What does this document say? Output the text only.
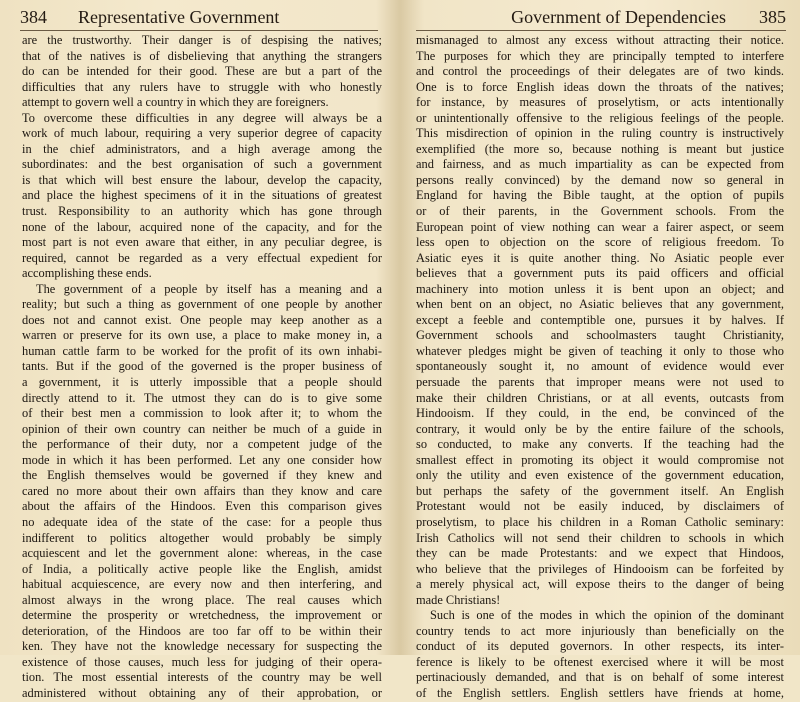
384 Representative Government
are the trustworthy. Their danger is of despising the natives;
that of the natives is of disbelieving that anything the strangers
do can be intended for their good. These are but a part of the
difficulties that any rulers have to struggle with who honestly
attempt to govern well a country in which they are foreigners.
To overcome these difficulties in any degree will always be a
work of much labour, requiring a very superior degree of capacity
in the chief administrators, and a high average among the
subordinates: and the best organisation of such a government
is that which will best ensure the labour, develop the capacity,
and place the highest specimens of it in the situations of greatest
trust. Responsibility to an authority which has gone through
none of the labour, acquired none of the capacity, and for the
most part is not even aware that either, in any peculiar degree, is
required, cannot be regarded as a very effectual expedient for
accomplishing these ends.
The government of a people by itself has a meaning and a
reality; but such a thing as government of one people by another
does not and cannot exist. One people may keep another as a
warren or preserve for its own use, a place to make money in, a
human cattle farm to be worked for the profit of its own inhabi-
tants. But if the good of the governed is the proper business of
a government, it is utterly impossible that a people should
directly attend to it. The utmost they can do is to give some
of their best men a commission to look after it; to whom the
opinion of their own country can neither be much of a guide in
the performance of their duty, nor a competent judge of the
mode in which it has been performed. Let any one consider how
the English themselves would be governed if they knew and
cared no more about their own affairs than they know and care
about the affairs of the Hindoos. Even this comparison gives
no adequate idea of the state of the case: for a people thus
indifferent to politics altogether would probably be simply
acquiescent and let the government alone: whereas, in the case
of India, a politically active people like the English, amidst
habitual acquiescence, are every now and then interfering, and
almost always in the wrong place. The real causes which
determine the prosperity or wretchedness, the improvement or
deterioration, of the Hindoos are too far off to be within their
ken. They have not the knowledge necessary for suspecting the
existence of those causes, much less for judging of their opera-
tion. The most essential interests of the country may be well
administered without obtaining any of their approbation, or
Government of Dependencies 385
mismanaged to almost any excess without attracting their notice.
The purposes for which they are principally tempted to interfere
and control the proceedings of their delegates are of two kinds.
One is to force English ideas down the throats of the natives;
for instance, by measures of proselytism, or acts intentionally
or unintentionally offensive to the religious feelings of the people.
This misdirection of opinion in the ruling country is instructively
exemplified (the more so, because nothing is meant but justice
and fairness, and as much impartiality as can be expected from
persons really convinced) by the demand now so general in
England for having the Bible taught, at the option of pupils
or of their parents, in the Government schools. From the
European point of view nothing can wear a fairer aspect, or seem
less open to objection on the score of religious freedom. To
Asiatic eyes it is quite another thing. No Asiatic people ever
believes that a government puts its paid officers and official
machinery into motion unless it is bent upon an object; and
when bent on an object, no Asiatic believes that any government,
except a feeble and contemptible one, pursues it by halves. If
Government schools and schoolmasters taught Christianity,
whatever pledges might be given of teaching it only to those who
spontaneously sought it, no amount of evidence would ever
persuade the parents that improper means were not used to
make their children Christians, or at all events, outcasts from
Hindooism. If they could, in the end, be convinced of the
contrary, it would only be by the entire failure of the schools,
so conducted, to make any converts. If the teaching had the
smallest effect in promoting its object it would compromise not
only the utility and even existence of the government education,
but perhaps the safety of the government itself. An English
Protestant would not be easily induced, by disclaimers of
proselytism, to place his children in a Roman Catholic seminary:
Irish Catholics will not send their children to schools in which
they can be made Protestants: and we expect that Hindoos,
who believe that the privileges of Hindooism can be forfeited by
a merely physical act, will expose theirs to the danger of being
made Christians!
Such is one of the modes in which the opinion of the dominant
country tends to act more injuriously than beneficially on the
conduct of its deputed governors. In other respects, its inter-
ference is likely to be oftenest exercised where it will be most
pertinaciously demanded, and that is on behalf of some interest
of the English settlers. English settlers have friends at home,
